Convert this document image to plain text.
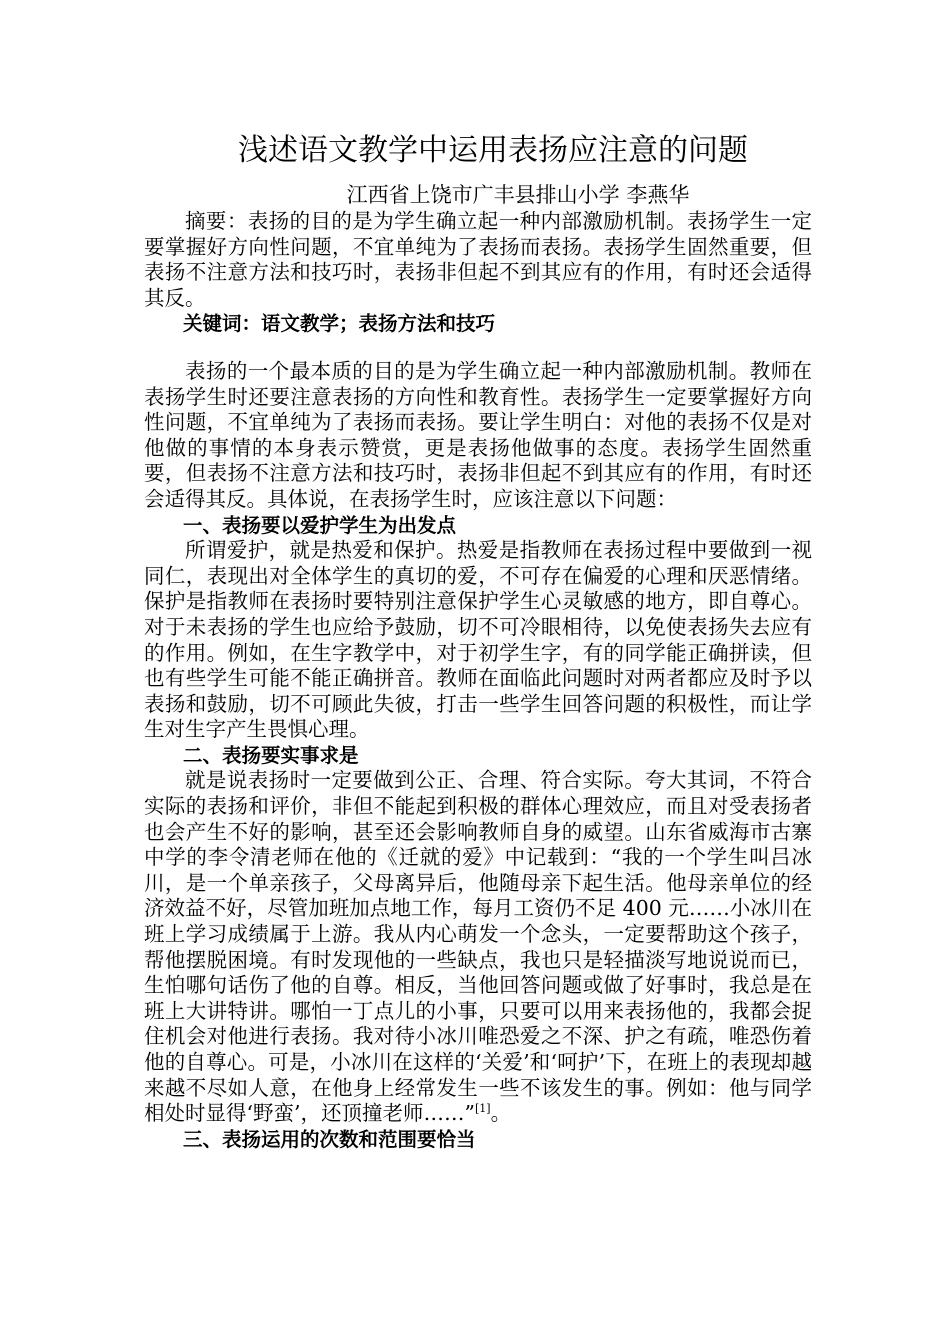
浅述语文教学中运用表扬应注意的问题
江西省上饶市广丰县排山小学 李燕华

摘要：表扬的目的是为学生确立起一种内部激励机制。表扬学生一定要掌握好方向性问题，不宜单纯为了表扬而表扬。表扬学生固然重要，但表扬不注意方法和技巧时，表扬非但起不到其应有的作用，有时还会适得其反。

关键词：语文教学；表扬方法和技巧

表扬的一个最本质的目的是为学生确立起一种内部激励机制。教师在表扬学生时还要注意表扬的方向性和教育性。表扬学生一定要掌握好方向性问题，不宜单纯为了表扬而表扬。要让学生明白：对他的表扬不仅是对他做的事情的本身表示赞赏，更是表扬他做事的态度。表扬学生固然重要，但表扬不注意方法和技巧时，表扬非但起不到其应有的作用，有时还会适得其反。具体说，在表扬学生时，应该注意以下问题：

一、表扬要以爱护学生为出发点

所谓爱护，就是热爱和保护。热爱是指教师在表扬过程中要做到一视同仁，表现出对全体学生的真切的爱，不可存在偏爱的心理和厌恶情绪。保护是指教师在表扬时要特别注意保护学生心灵敏感的地方，即自尊心。对于未表扬的学生也应给予鼓励，切不可冷眼相待，以免使表扬失去应有的作用。例如，在生字教学中，对于初学生字，有的同学能正确拼读，但也有些学生可能不能正确拼音。教师在面临此问题时对两者都应及时予以表扬和鼓励，切不可顾此失彼，打击一些学生回答问题的积极性，而让学生对生字产生畏惧心理。

二、表扬要实事求是

就是说表扬时一定要做到公正、合理、符合实际。夸大其词，不符合实际的表扬和评价，非但不能起到积极的群体心理效应，而且对受表扬者也会产生不好的影响，甚至还会影响教师自身的威望。山东省威海市古寨中学的李令清老师在他的《迁就的爱》中记载到：“我的一个学生叫吕冰川，是一个单亲孩子，父母离异后，他随母亲下起生活。他母亲单位的经济效益不好，尽管加班加点地工作，每月工资仍不足 400 元……小冰川在班上学习成绩属于上游。我从内心萌发一个念头，一定要帮助这个孩子，帮他摆脱困境。有时发现他的一些缺点，我也只是轻描淡写地说说而已，生怕哪句话伤了他的自尊。相反，当他回答问题或做了好事时，我总是在班上大讲特讲。哪怕一丁点儿的小事，只要可以用来表扬他的，我都会捉住机会对他进行表扬。我对待小冰川唯恐爱之不深、护之有疏，唯恐伤着他的自尊心。可是，小冰川在这样的‘关爱’和‘呵护’下，在班上的表现却越来越不尽如人意，在他身上经常发生一些不该发生的事。例如：他与同学相处时显得‘野蛮’，还顶撞老师……”[1]。

三、表扬运用的次数和范围要恰当
